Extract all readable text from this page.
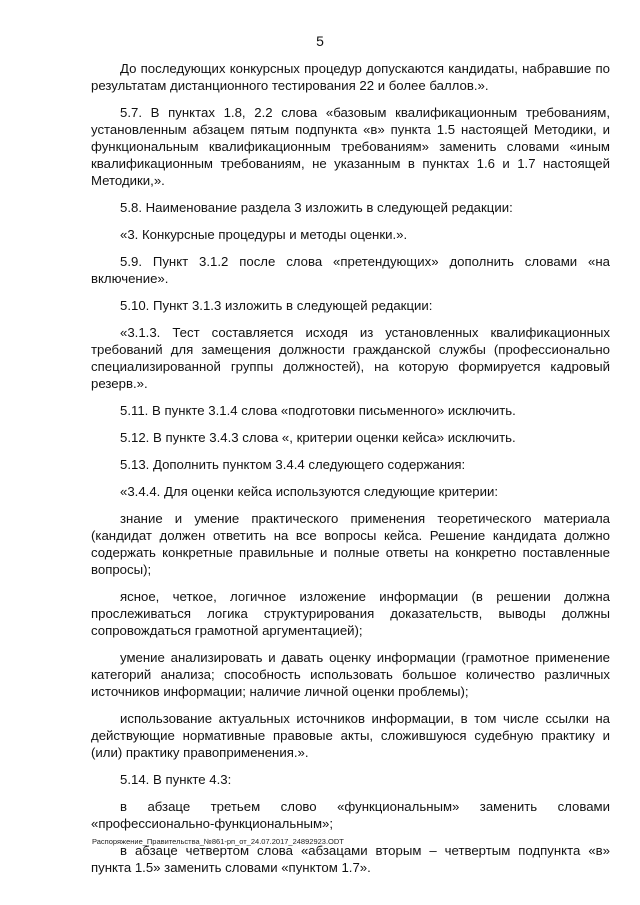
5

До последующих конкурсных процедур допускаются кандидаты, набравшие по результатам дистанционного тестирования 22 и более баллов.».

5.7. В пунктах 1.8, 2.2 слова «базовым квалификационным требованиям, установленным абзацем пятым подпункта «в» пункта 1.5 настоящей Методики, и функциональным квалификационным требованиям» заменить словами «иным квалификационным требованиям, не указанным в пунктах 1.6 и 1.7 настоящей Методики,».

5.8. Наименование раздела 3 изложить в следующей редакции:

«3. Конкурсные процедуры и методы оценки.».

5.9. Пункт 3.1.2 после слова «претендующих» дополнить словами «на включение».

5.10. Пункт 3.1.3 изложить в следующей редакции:

«3.1.3. Тест составляется исходя из установленных квалификационных требований для замещения должности гражданской службы (профессионально специализированной группы должностей), на которую формируется кадровый резерв.».

5.11. В пункте 3.1.4 слова «подготовки письменного» исключить.

5.12. В пункте 3.4.3 слова «, критерии оценки кейса» исключить.

5.13. Дополнить пунктом 3.4.4 следующего содержания:

«3.4.4. Для оценки кейса используются следующие критерии:

знание и умение практического применения теоретического материала (кандидат должен ответить на все вопросы кейса. Решение кандидата должно содержать конкретные правильные и полные ответы на конкретно поставленные вопросы);

ясное, четкое, логичное изложение информации (в решении должна прослеживаться логика структурирования доказательств, выводы должны сопровождаться грамотной аргументацией);

умение анализировать и давать оценку информации (грамотное применение категорий анализа; способность использовать большое количество различных источников информации; наличие личной оценки проблемы);

использование актуальных источников информации, в том числе ссылки на действующие нормативные правовые акты, сложившуюся судебную практику и (или) практику правоприменения.».

5.14. В пункте 4.3:

в абзаце третьем слово «функциональным» заменить словами «профессионально-функциональным»;

в абзаце четвертом слова «абзацами вторым – четвертым подпункта «в» пункта 1.5» заменить словами «пунктом 1.7».

Распоряжение_Правительства_№861-рп_от_24.07.2017_24892923.ODT
